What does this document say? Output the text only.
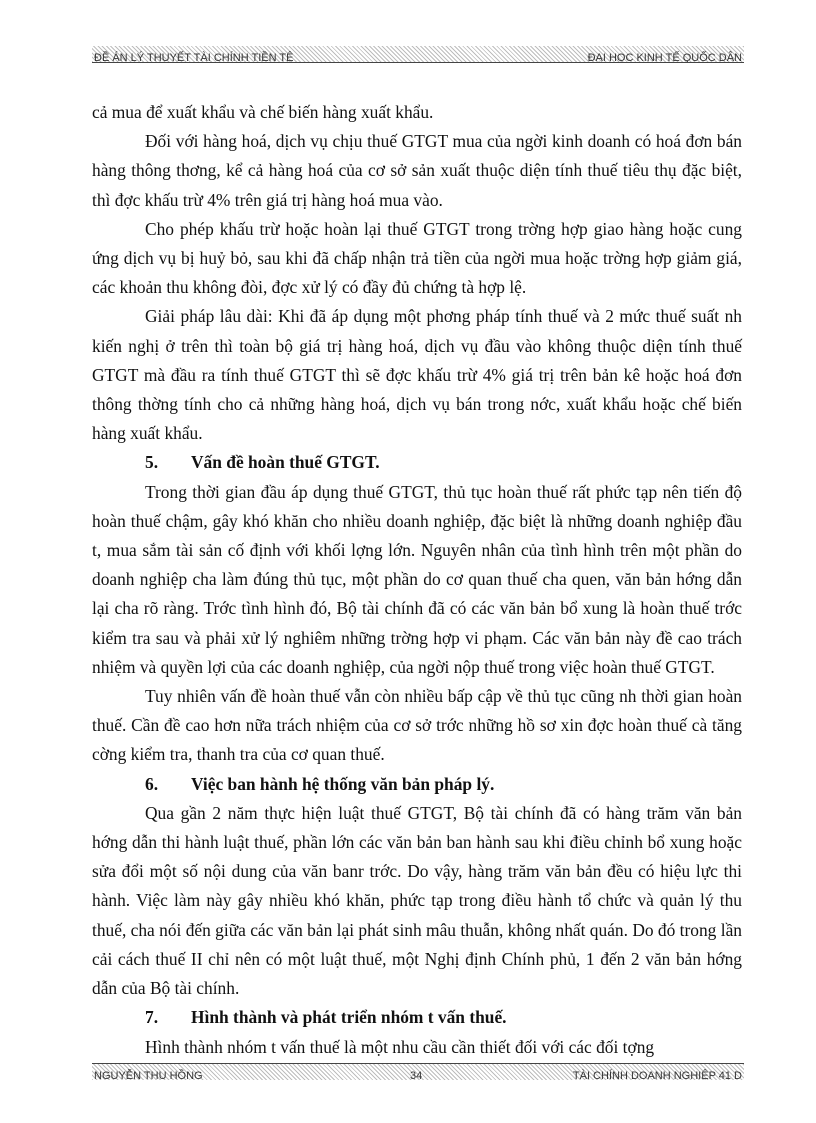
ĐỀ ÁN LÝ THUYẾT TÀI CHÍNH TIỀN TỆ	ĐẠI HỌC KINH TẾ QUỐC DÂN

cả mua để xuất khẩu và chế biến hàng xuất khẩu.

Đối với hàng hoá, dịch vụ chịu thuế GTGT mua của ngời kinh doanh có hoá đơn bán hàng thông thơng, kể cả hàng hoá của cơ sở sản xuất thuộc diện tính thuế tiêu thụ đặc biệt, thì đợc khấu trừ 4% trên giá trị hàng hoá mua vào.

Cho phép khấu trừ hoặc hoàn lại thuế GTGT trong trờng hợp giao hàng hoặc cung ứng dịch vụ bị huỷ bỏ, sau khi đã chấp nhận trả tiền của ngời mua hoặc trờng hợp giảm giá, các khoản thu không đòi, đợc xử lý có đầy đủ chứng tà hợp lệ.

Giải pháp lâu dài: Khi đã áp dụng một phơng pháp tính thuế và 2 mức thuế suất nh kiến nghị ở trên thì toàn bộ giá trị hàng hoá, dịch vụ đầu vào không thuộc diện tính thuế GTGT mà đầu ra tính thuế GTGT thì sẽ đợc khấu trừ 4% giá trị trên bản kê hoặc hoá đơn thông thờng tính cho cả những hàng hoá, dịch vụ bán trong nớc, xuất khẩu hoặc chế biến hàng xuất khẩu.

5. Vấn đề hoàn thuế GTGT.

Trong thời gian đầu áp dụng thuế GTGT, thủ tục hoàn thuế rất phức tạp nên tiến độ hoàn thuế chậm, gây khó khăn cho nhiều doanh nghiệp, đặc biệt là những doanh nghiệp đầu t, mua sắm tài sản cố định với khối lợng lớn. Nguyên nhân của tình hình trên một phần do doanh nghiệp cha làm đúng thủ tục, một phần do cơ quan thuế cha quen, văn bản hớng dẫn lại cha rõ ràng. Trớc tình hình đó, Bộ tài chính đã có các văn bản bổ xung là hoàn thuế trớc kiểm tra sau và phải xử lý nghiêm những trờng hợp vi phạm. Các văn bản này đề cao trách nhiệm và quyền lợi của các doanh nghiệp, của ngời nộp thuế trong việc hoàn thuế GTGT.

Tuy nhiên vấn đề hoàn thuế vẫn còn nhiều bấp cập về thủ tục cũng nh thời gian hoàn thuế. Cần đề cao hơn nữa trách nhiệm của cơ sở trớc những hồ sơ xin đợc hoàn thuế cà tăng cờng kiểm tra, thanh tra của cơ quan thuế.

6. Việc ban hành hệ thống văn bản pháp lý.

Qua gần 2 năm thực hiện luật thuế GTGT, Bộ tài chính đã có hàng trăm văn bản hớng dẫn thi hành luật thuế, phần lớn các văn bản ban hành sau khi điều chỉnh bổ xung hoặc sửa đổi một số nội dung của văn banr trớc. Do vậy, hàng trăm văn bản đều có hiệu lực thi hành. Việc làm này gây nhiều khó khăn, phức tạp trong điều hành tổ chức và quản lý thu thuế, cha nói đến giữa các văn bản lại phát sinh mâu thuẫn, không nhất quán. Do đó trong lần cải cách thuế II chỉ nên có một luật thuế, một Nghị định Chính phủ, 1 đến 2 văn bản hớng dẫn của Bộ tài chính.

7. Hình thành và phát triển nhóm t vấn thuế.

Hình thành nhóm t vấn thuế là một nhu cầu cần thiết đối với các đối tợng

NGUYỄN THU HỒNG	34	TÀI CHÍNH DOANH NGHIỆP 41 D
